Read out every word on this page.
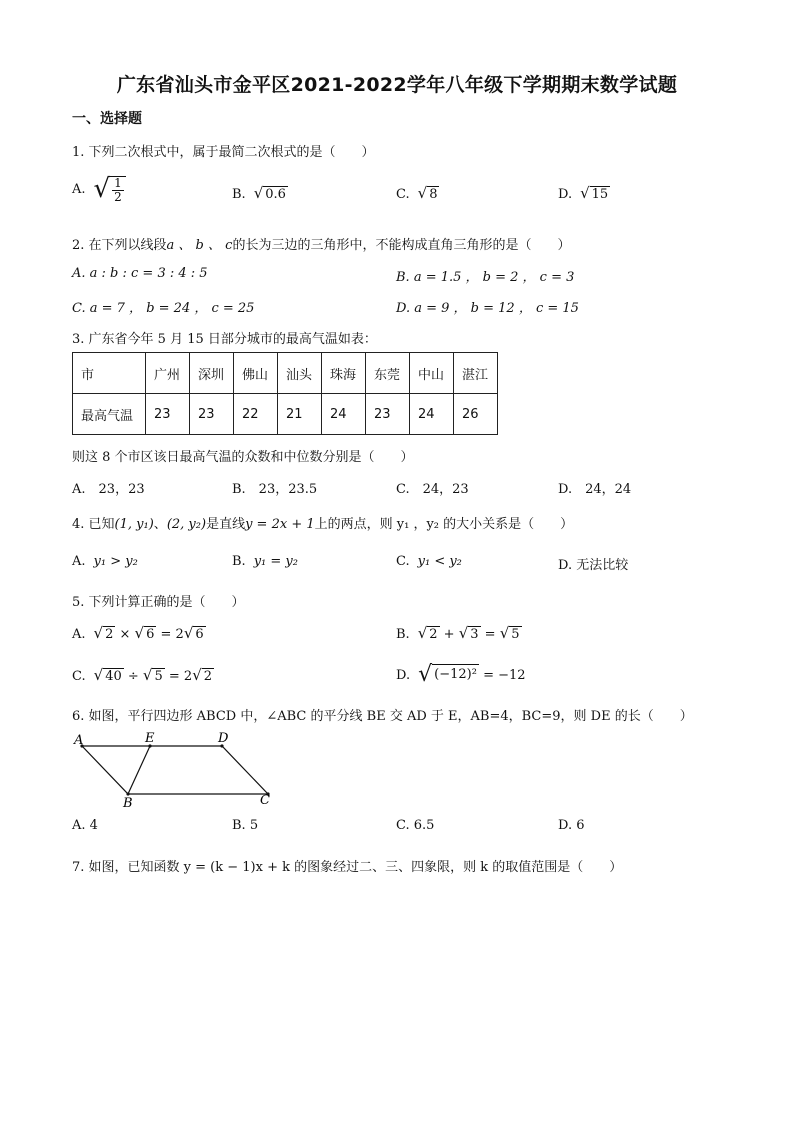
广东省汕头市金平区2021-2022学年八年级下学期期末数学试题
一、选择题
1. 下列二次根式中，属于最简二次根式的是（　　）
A. √ $\frac{1}{2}$	B. √ 0.6	C. √ 8	D. √ 15
2. 在下列以线段a 、 b 、 c的长为三边的三角形中，不能构成直角三角形的是（　　）
A. a : b : c = 3 : 4 : 5	B. a = 1.5 ， b = 2 ， c = 3
C. a = 7 ， b = 24 ， c = 25	D. a = 9 ， b = 12 ， c = 15
3. 广东省今年 5 月 15 日部分城市的最高气温如表：
市	广州	深圳	佛山	汕头	珠海	东莞	中山	湛江
最高气温	23	23	22	21	24	23	24	26
则这 8 个市区该日最高气温的众数和中位数分别是（　　）
A.　23，23	B.　23，23.5	C.　24，23	D.　24，24
4. 已知(1, y₁)、(2, y₂)是直线y = 2x + 1上的两点，则 y₁ ，y₂ 的大小关系是（　　）
A. y₁ > y₂	B. y₁ = y₂	C. y₁ < y₂	D. 无法比较
5. 下列计算正确的是（　　）
A. √ 2 × √ 6
= 2 √ 6	B. √ 2 + √ 3 = √ 5
C. √ 40 ÷ √ 5
= 2 √ 2	D. √ (−12)²
= −12
6. 如图，平行四边形 ABCD 中，∠ABC 的平分线 BE 交 AD 于 E，AB=4，BC=9，则 DE 的长（　　）
A	E	D
B	C
A. 4	B. 5	C. 6.5	D. 6
7. 如图，已知函数 y = (k − 1)x + k 的图象经过二、三、四象限，则 k 的取值范围是（　　）
